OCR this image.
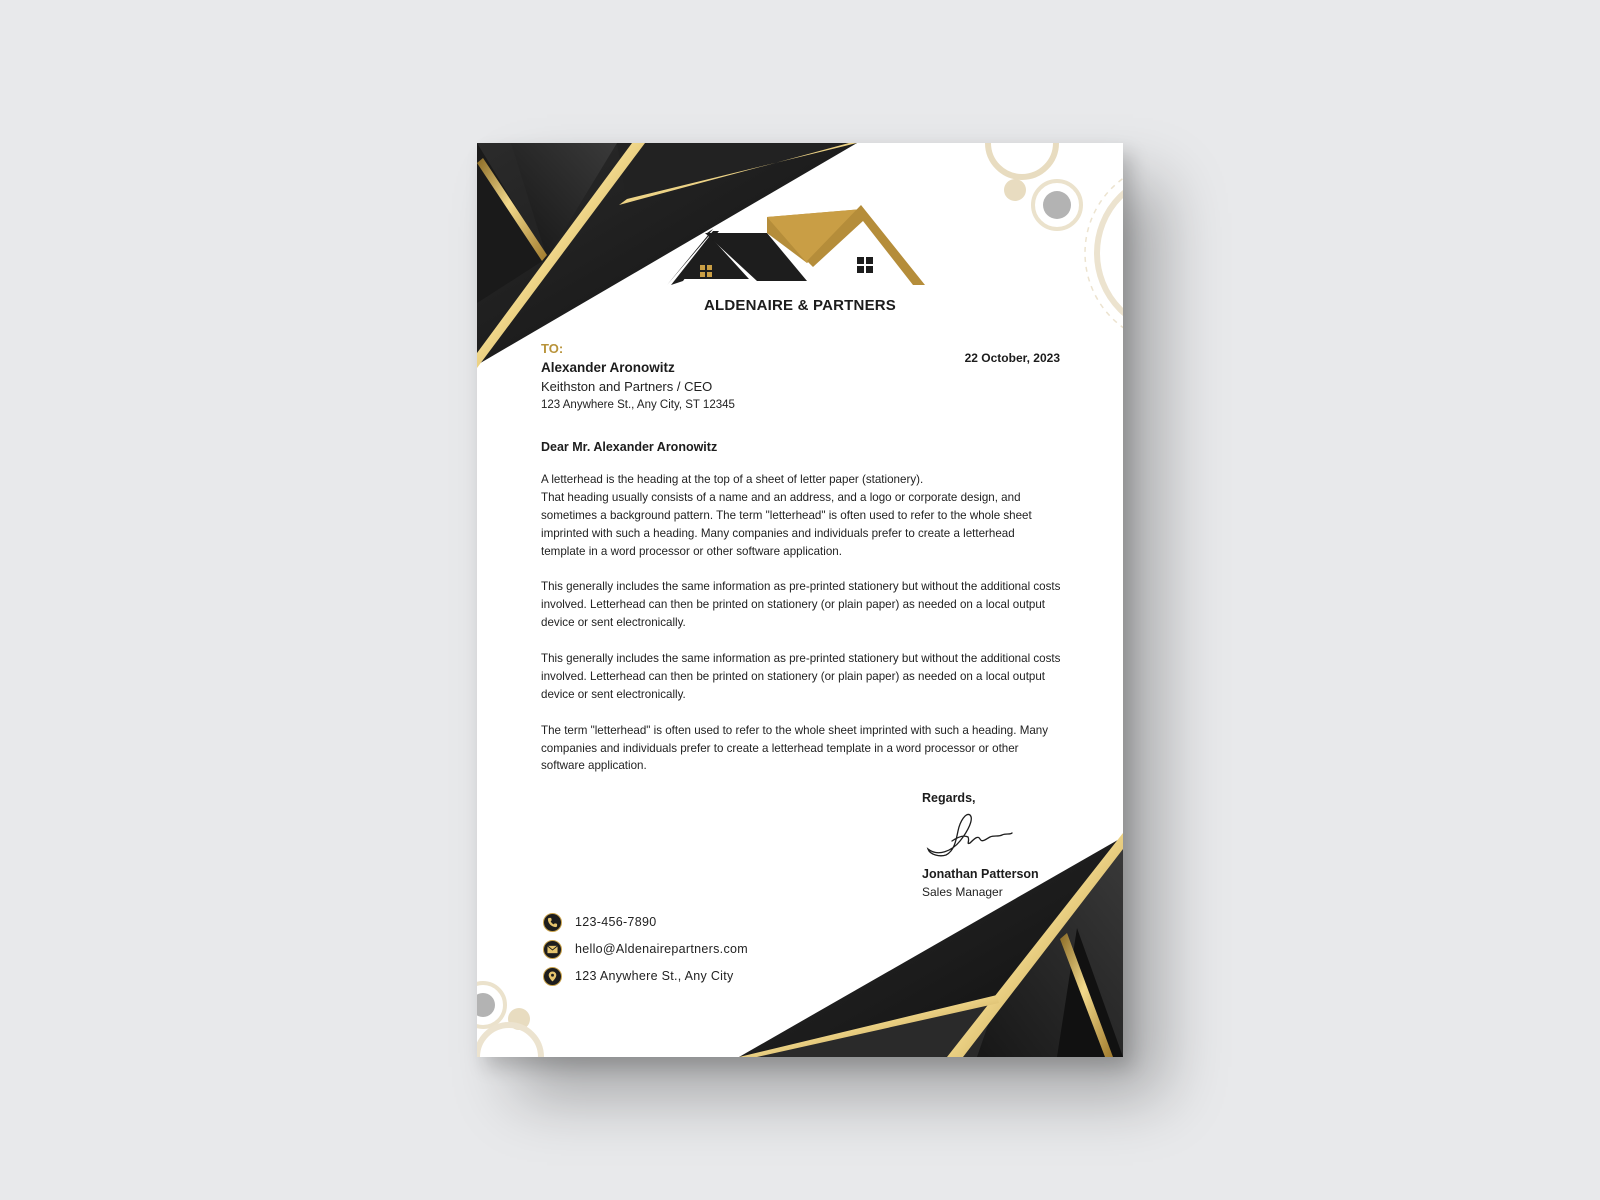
ALDENAIRE & PARTNERS
TO:
Alexander Aronowitz
Keithston and Partners / CEO
123 Anywhere St., Any City, ST 12345
22 October, 2023
Dear Mr. Alexander Aronowitz

A letterhead is the heading at the top of a sheet of letter paper (stationery).
That heading usually consists of a name and an address, and a logo or corporate design, and sometimes a background pattern. The term "letterhead" is often used to refer to the whole sheet imprinted with such a heading. Many companies and individuals prefer to create a letterhead template in a word processor or other software application.

This generally includes the same information as pre-printed stationery but without the additional costs involved. Letterhead can then be printed on stationery (or plain paper) as needed on a local output device or sent electronically.

This generally includes the same information as pre-printed stationery but without the additional costs involved. Letterhead can then be printed on stationery (or plain paper) as needed on a local output device or sent electronically.

The term "letterhead" is often used to refer to the whole sheet imprinted with such a heading. Many companies and individuals prefer to create a letterhead template in a word processor or other software application.

Regards,
Jonathan Patterson
Sales Manager
123-456-7890
hello@Aldenairepartners.com
123 Anywhere St., Any City
